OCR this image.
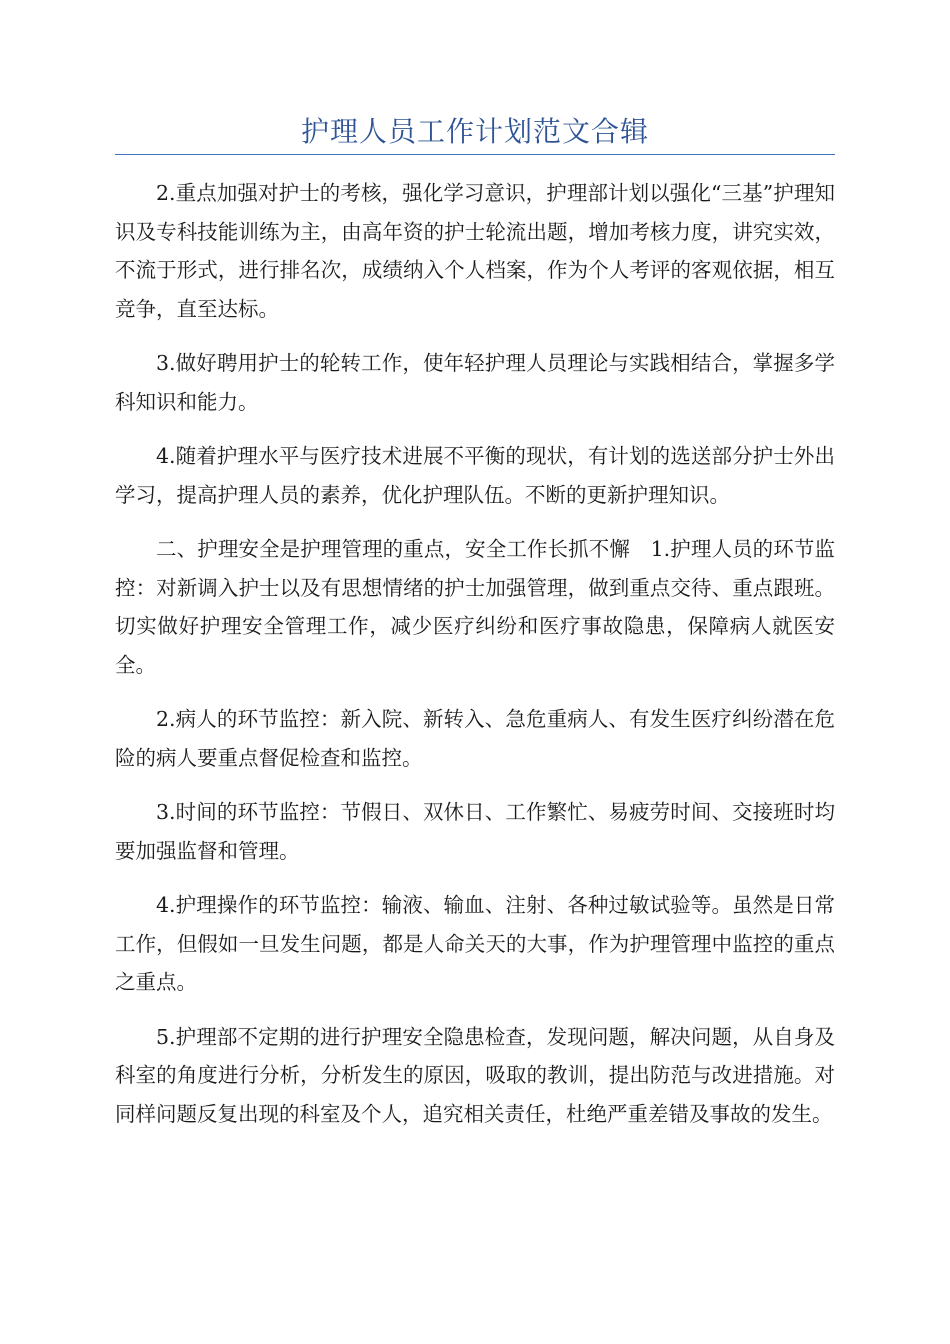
护理人员工作计划范文合辑

2.重点加强对护士的考核，强化学习意识，护理部计划以强化“三基”护理知识及专科技能训练为主，由高年资的护士轮流出题，增加考核力度，讲究实效，不流于形式，进行排名次，成绩纳入个人档案，作为个人考评的客观依据，相互竞争，直至达标。

3.做好聘用护士的轮转工作，使年轻护理人员理论与实践相结合，掌握多学科知识和能力。

4.随着护理水平与医疗技术进展不平衡的现状，有计划的选送部分护士外出学习，提高护理人员的素养，优化护理队伍。不断的更新护理知识。

二、护理安全是护理管理的重点，安全工作长抓不懈　1.护理人员的环节监控：对新调入护士以及有思想情绪的护士加强管理，做到重点交待、重点跟班。切实做好护理安全管理工作，减少医疗纠纷和医疗事故隐患，保障病人就医安全。

2.病人的环节监控：新入院、新转入、急危重病人、有发生医疗纠纷潜在危险的病人要重点督促检查和监控。

3.时间的环节监控：节假日、双休日、工作繁忙、易疲劳时间、交接班时均要加强监督和管理。

4.护理操作的环节监控：输液、输血、注射、各种过敏试验等。虽然是日常工作，但假如一旦发生问题，都是人命关天的大事，作为护理管理中监控的重点之重点。

5.护理部不定期的进行护理安全隐患检查，发现问题，解决问题，从自身及科室的角度进行分析，分析发生的原因，吸取的教训，提出防范与改进措施。对同样问题反复出现的科室及个人，追究相关责任，杜绝严重差错及事故的发生。
